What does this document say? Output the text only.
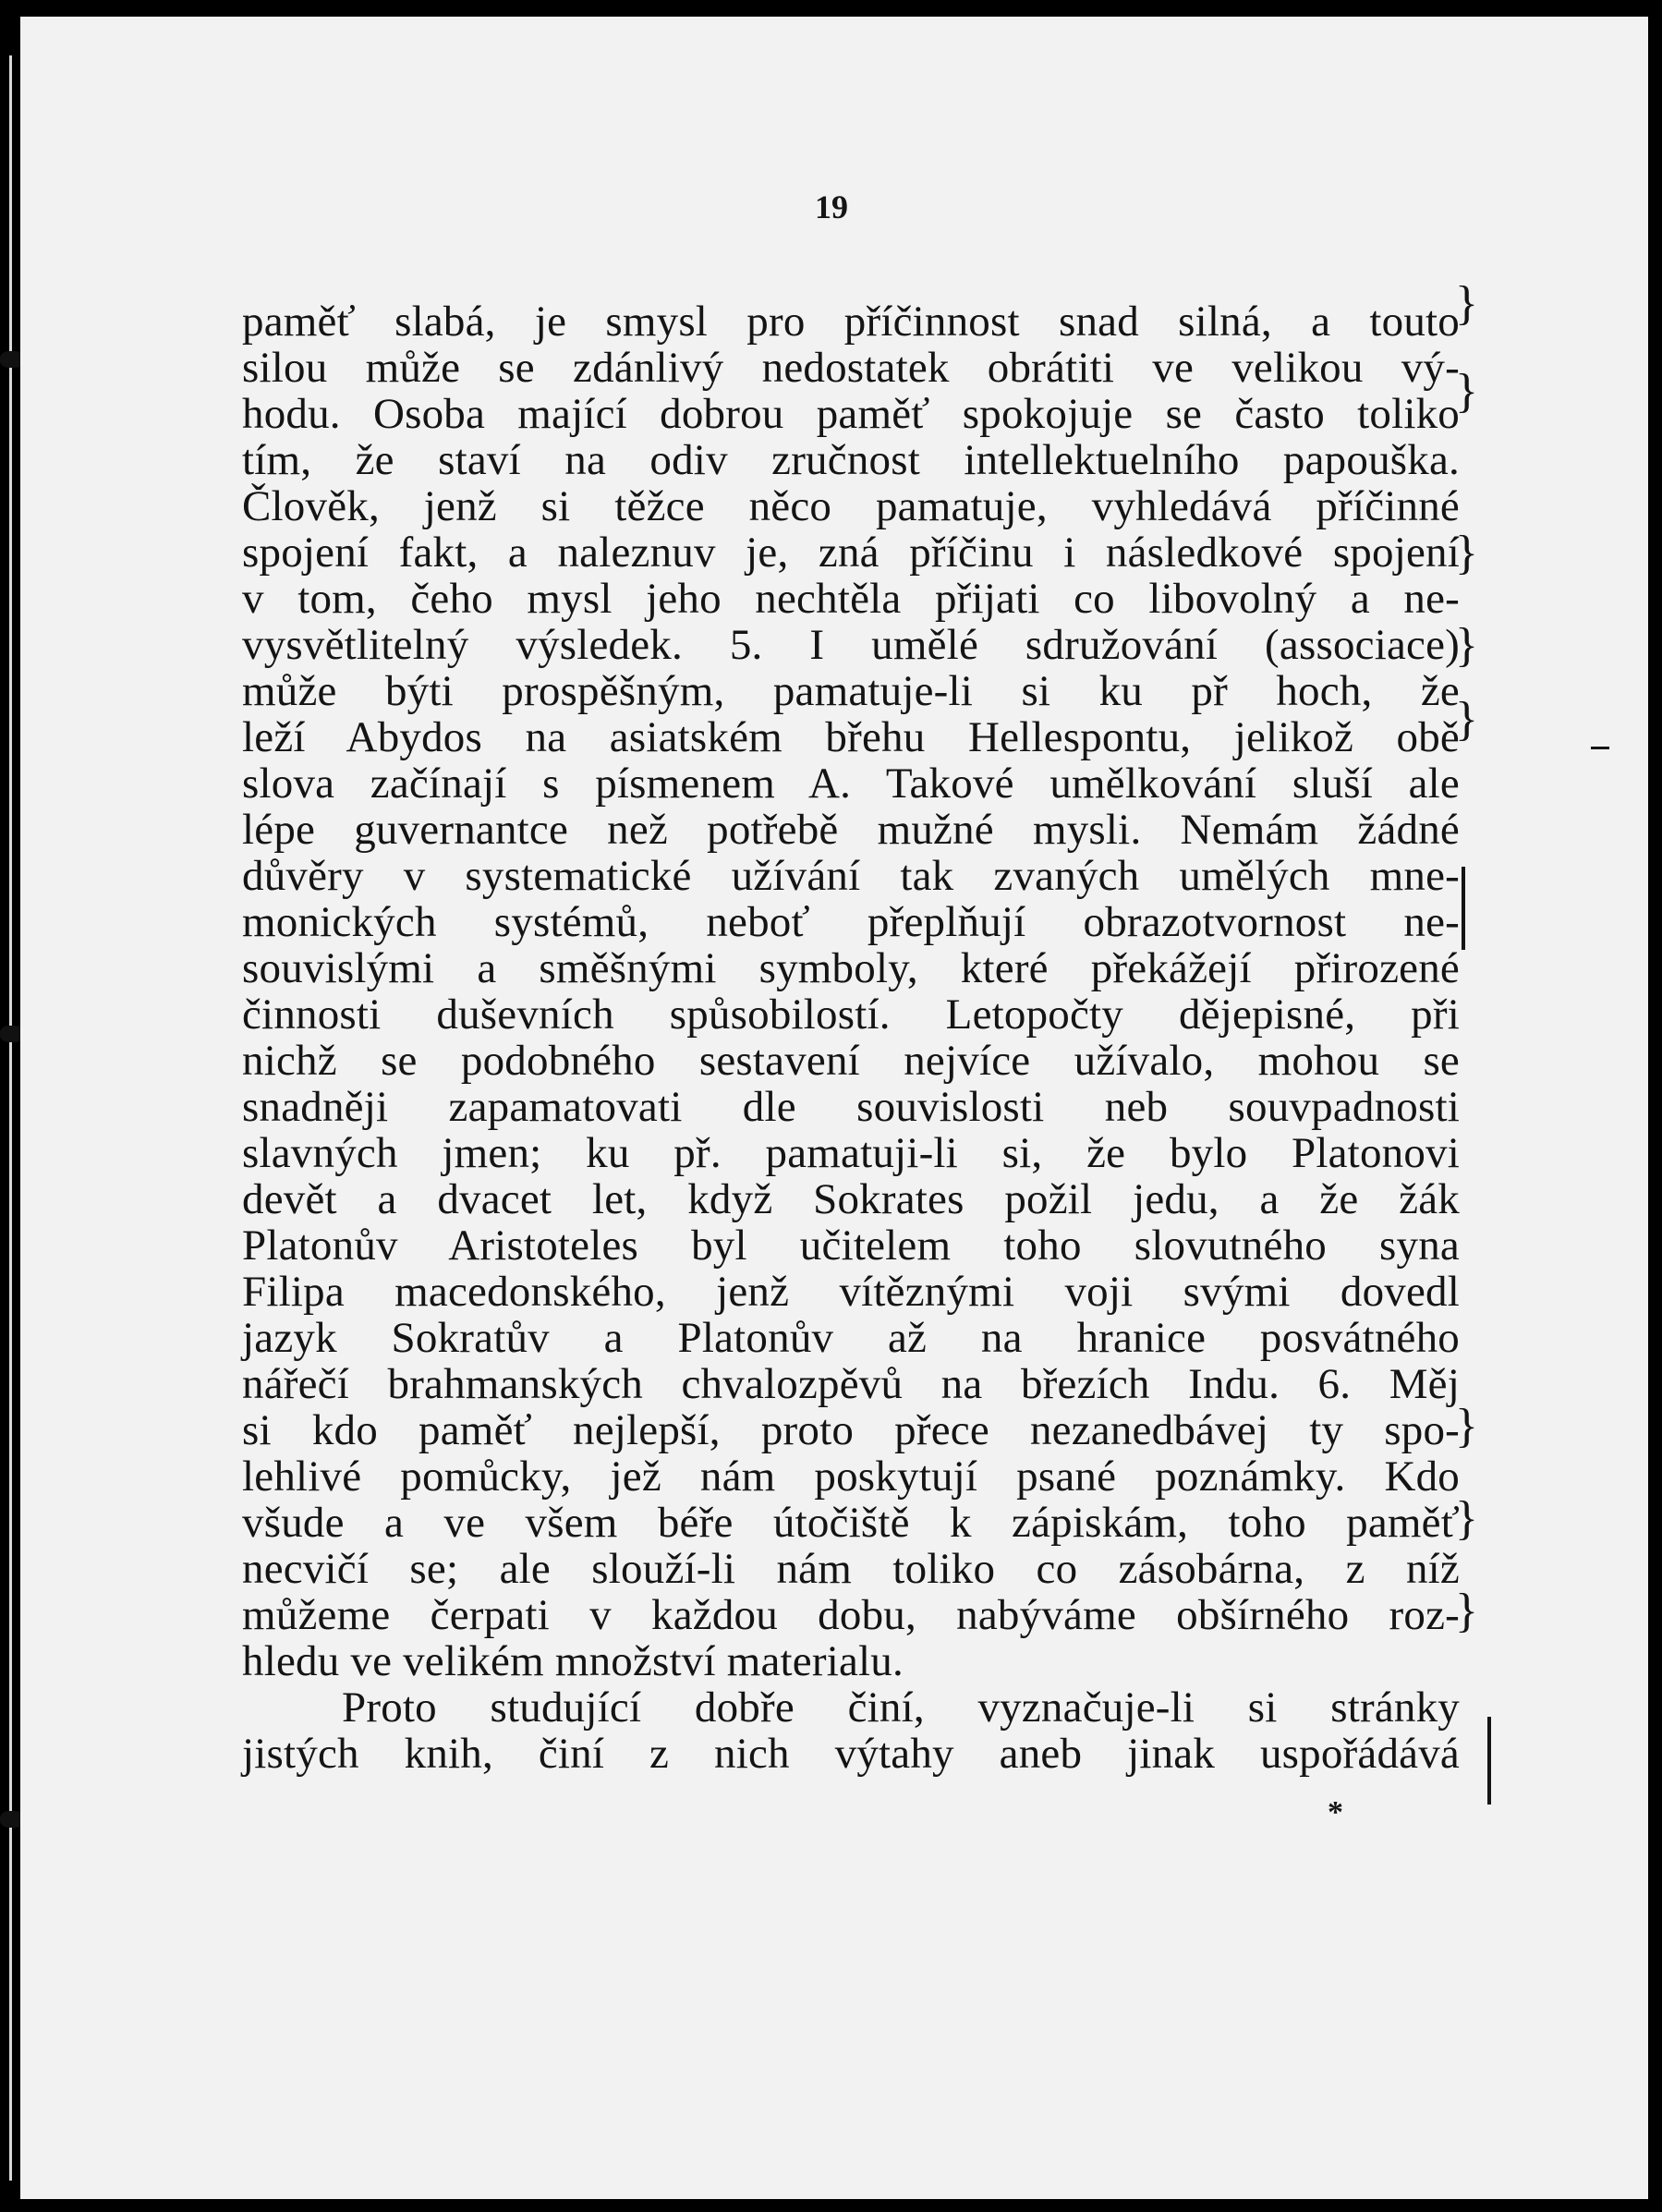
19
paměť slabá, je smysl pro příčinnost snad silná, a touto
silou může se zdánlivý nedostatek obrátiti ve velikou vý-
hodu. Osoba mající dobrou paměť spokojuje se často toliko
tím, že staví na odiv zručnost intellektuelního papouška.
Člověk, jenž si těžce něco pamatuje, vyhledává příčinné
spojení fakt, a naleznuv je, zná příčinu i následkové spojení
v tom, čeho mysl jeho nechtěla přijati co libovolný a ne-
vysvětlitelný výsledek. 5. I umělé sdružování (associace)
může býti prospěšným, pamatuje-li si ku př hoch, že
leží Abydos na asiatském břehu Hellespontu, jelikož obě
slova začínají s písmenem A. Takové umělkování sluší ale
lépe guvernantce než potřebě mužné mysli. Nemám žádné
důvěry v systematické užívání tak zvaných umělých mne-
monických systémů, neboť přeplňují obrazotvornost ne-
souvislými a směšnými symboly, které překážejí přirozené
činnosti duševních spůsobilostí. Letopočty dějepisné, při
nichž se podobného sestavení nejvíce užívalo, mohou se
snadněji zapamatovati dle souvislosti neb souvpadnosti
slavných jmen; ku př. pamatuji-li si, že bylo Platonovi
devět a dvacet let, když Sokrates požil jedu, a že žák
Platonův Aristoteles byl učitelem toho slovutného syna
Filipa macedonského, jenž vítěznými voji svými dovedl
jazyk Sokratův a Platonův až na hranice posvátného
nářečí brahmanských chvalozpěvů na březích Indu. 6. Měj
si kdo paměť nejlepší, proto přece nezanedbávej ty spo-
lehlivé pomůcky, jež nám poskytují psané poznámky. Kdo
všude a ve všem béře útočiště k zápiskám, toho paměť
necvičí se; ale slouží-li nám toliko co zásobárna, z níž
můžeme čerpati v každou dobu, nabýváme obšírného roz-
hledu ve velikém množství materialu.
Proto studující dobře činí, vyznačuje-li si stránky
jistých knih, činí z nich výtahy aneb jinak uspořádává
*
}
}
}
}
}
}
}
}
